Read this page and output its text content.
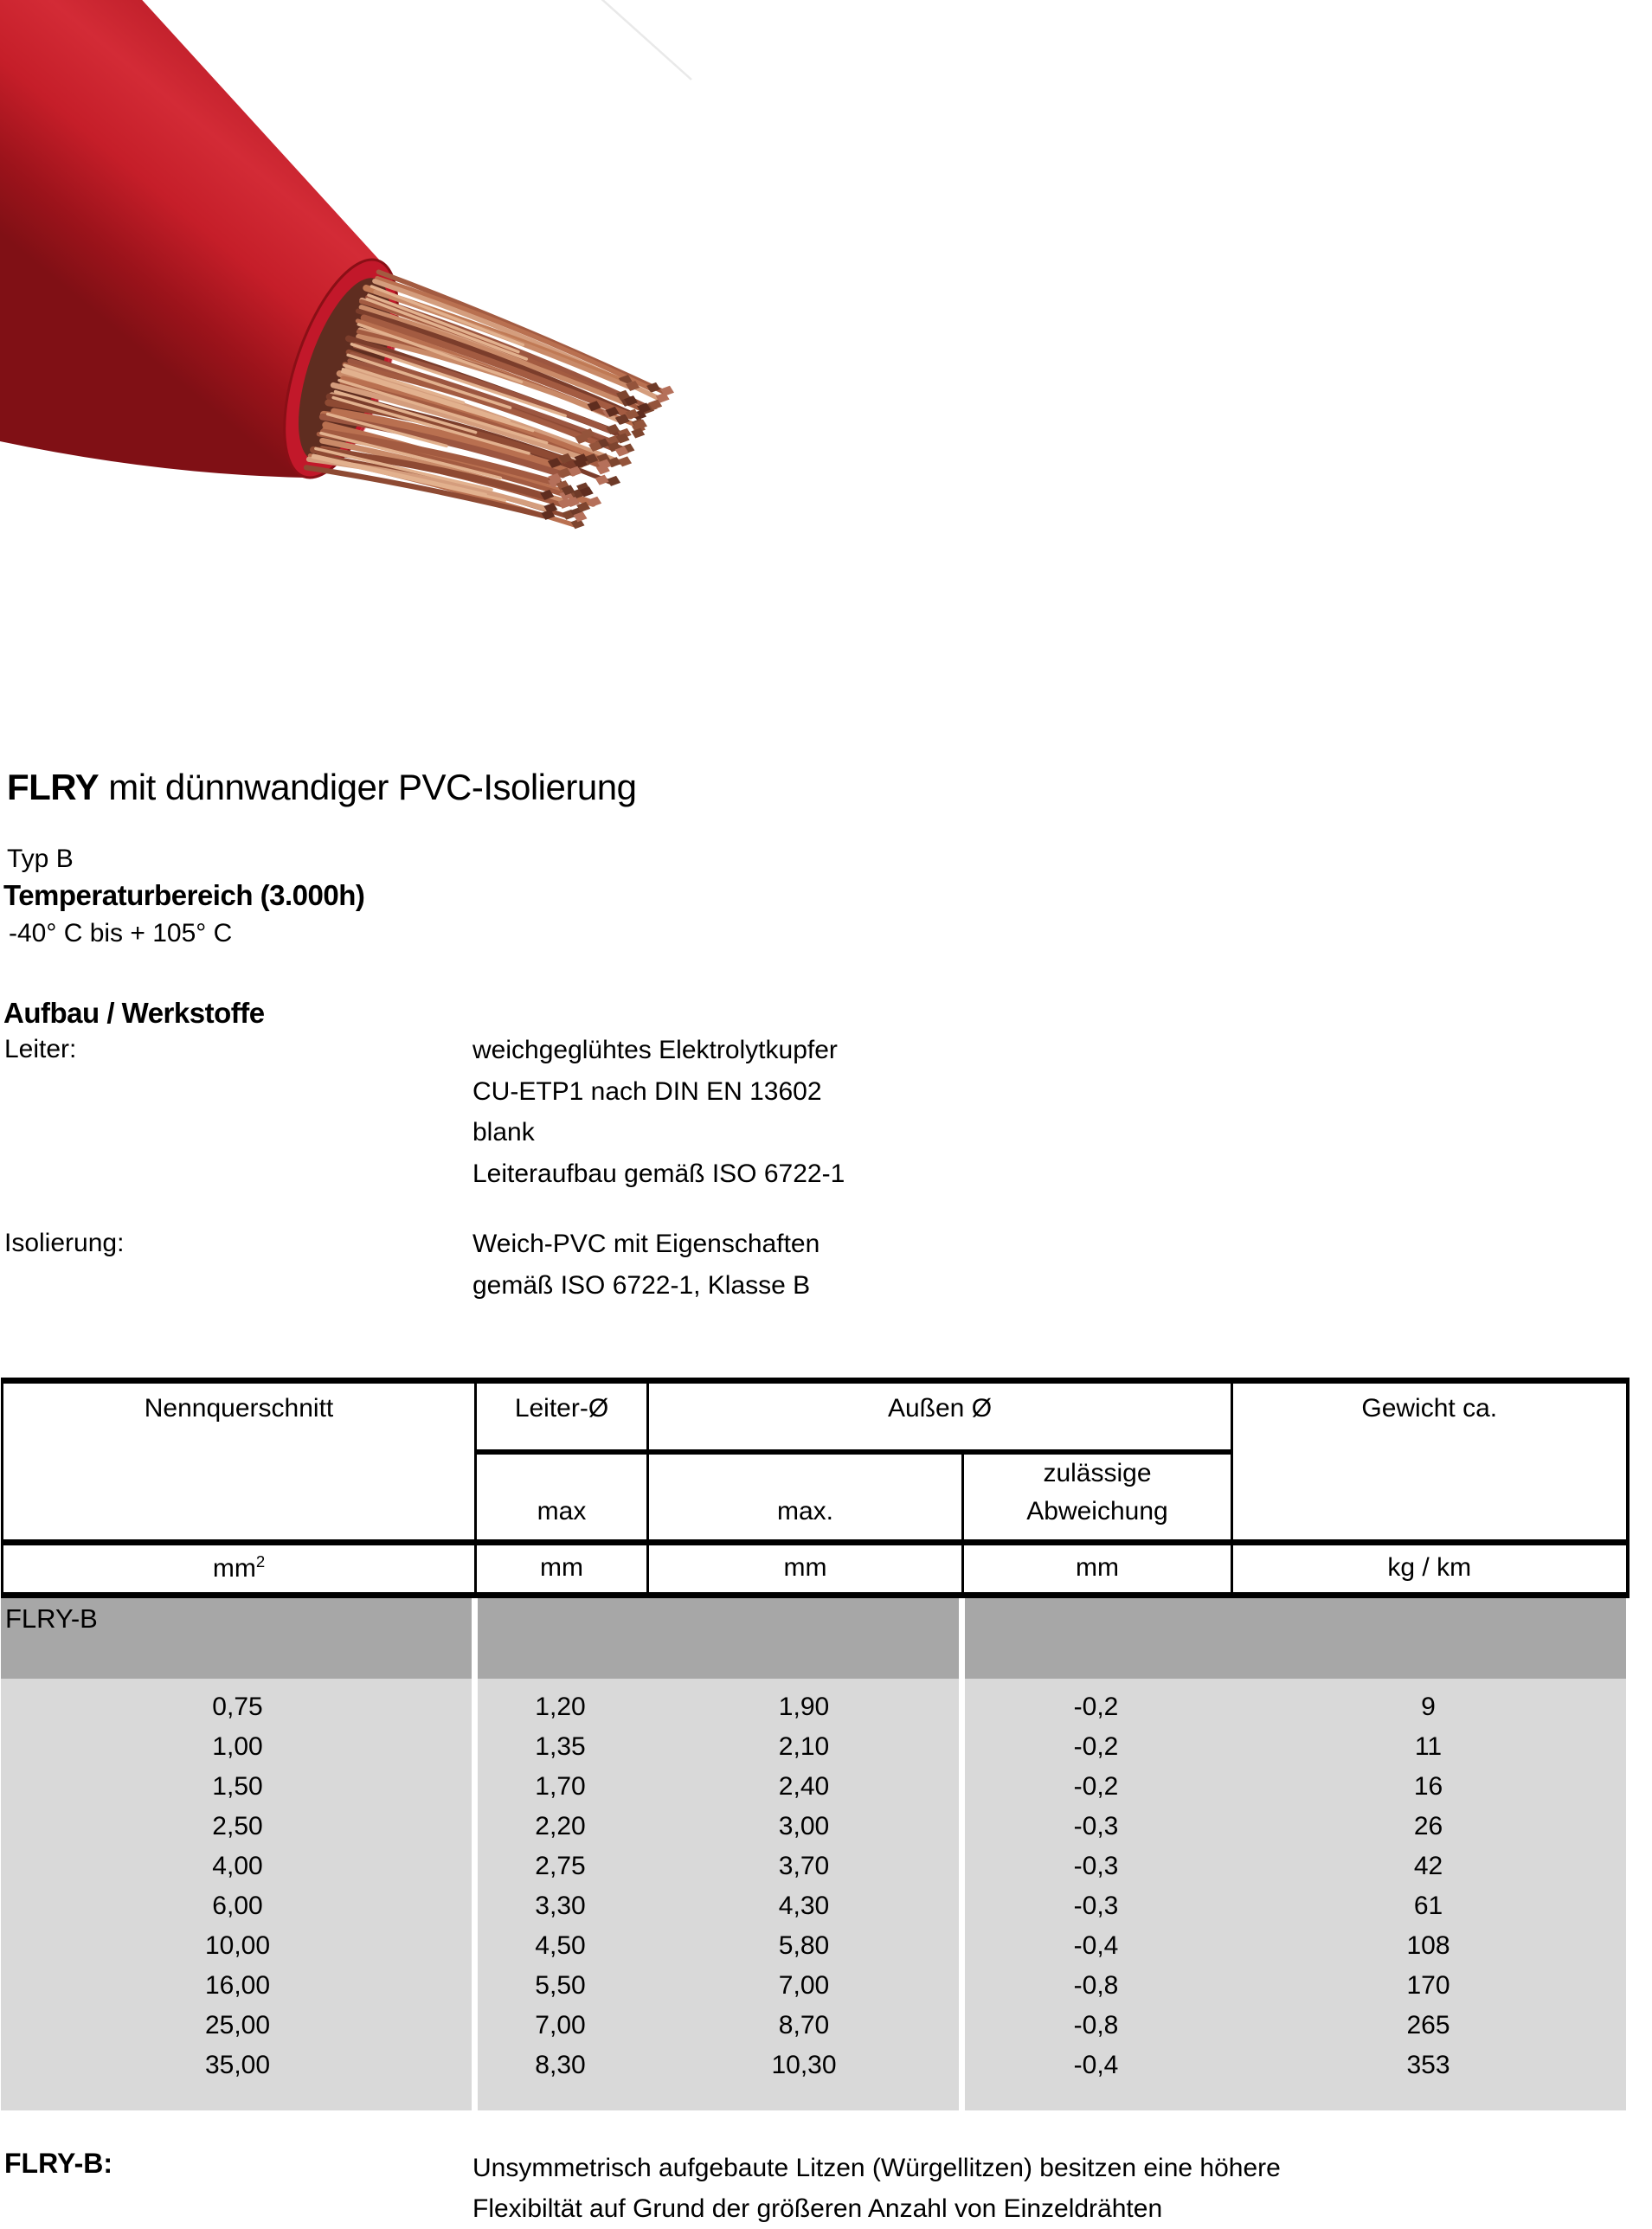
FLRY mit dünnwandiger PVC-Isolierung
Typ B
Temperaturbereich (3.000h)
-40° C bis + 105° C
Aufbau / Werkstoffe
Leiter:	weichgeglühtes Elektrolytkupfer
CU-ETP1 nach DIN EN 13602
blank
Leiteraufbau gemäß ISO 6722-1
Isolierung:	Weich-PVC mit Eigenschaften
gemäß ISO 6722-1, Klasse B
Nennquerschnitt	Leiter-Ø	Außen Ø		Gewicht ca.
	max	max.	zulässige
Abweichung	

$mm^2$	mm	mm	mm	kg / km
FLRY-B
0,75	1,20	1,90	-0,2	9
1,00	1,35	2,10	-0,2	11
1,50	1,70	2,40	-0,2	16
2,50	2,20	3,00	-0,3	26
4,00	2,75	3,70	-0,3	42
6,00	3,30	4,30	-0,3	61
10,00	4,50	5,80	-0,4	108
16,00	5,50	7,00	-0,8	170
25,00	7,00	8,70	-0,8	265
35,00	8,30	10,30	-0,4	353
FLRY-B:	Unsymmetrisch aufgebaute Litzen (Würgellitzen) besitzen eine höhere
Flexibiltät auf Grund der größeren Anzahl von Einzeldrähten
